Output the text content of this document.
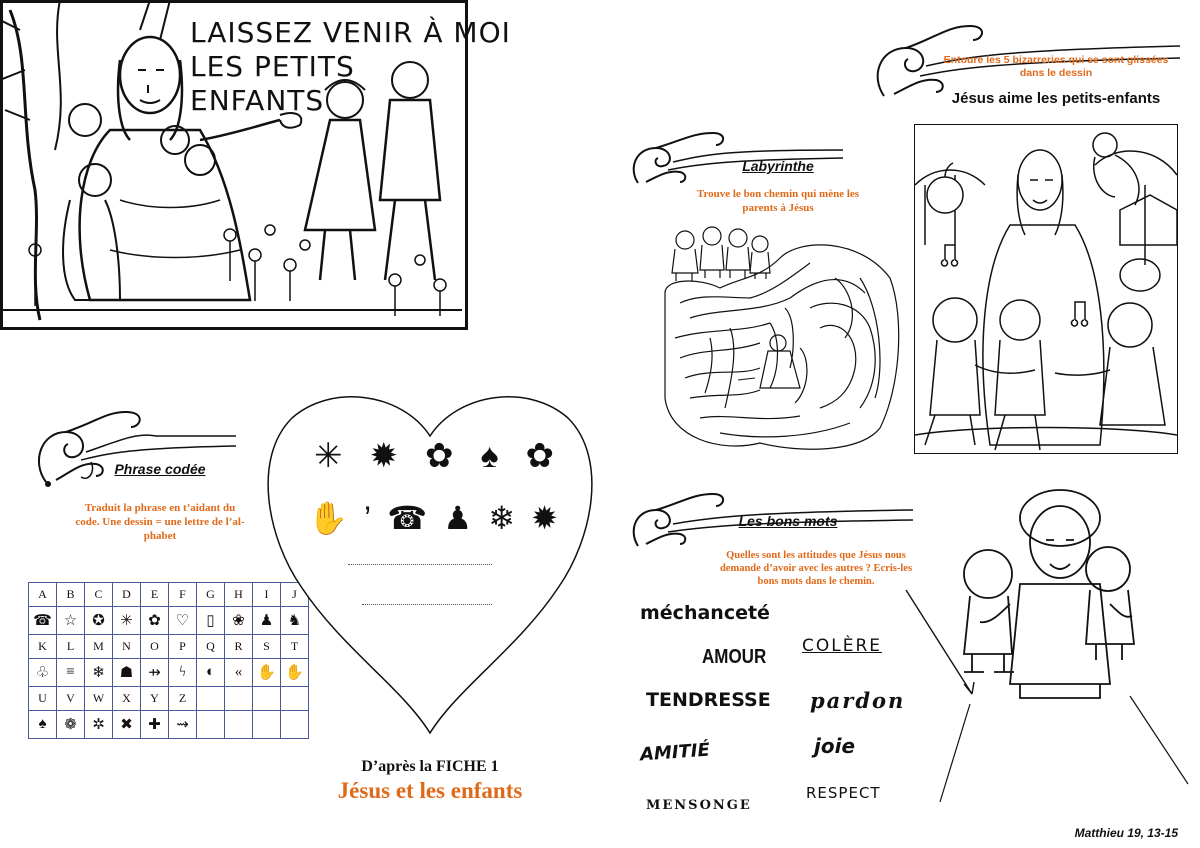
LAISSEZ VENIR À MOI
LES PETITS
ENFANTS
Matthieu 19, 13-15
Phrase codée
Traduit la phrase en t’aidant du
code. Une dessin = une lettre de l’al-
phabet
A	B	C	D	E	F	G	H	I	J
☎	☆	✪	✳	✿	♡	▯	❀	♟	♞
K	L	M	N	O	P	Q	R	S	T
♧	≡	❄	☗	⇸	ϟ	◐	«	✋	✋
U	V	W	X	Y	Z				
♠	❁	✲	✖	✚	⇝				
✳ ✹ ✿ ♠ ✿
✋ ’ ☎ ♟ ❄ ✹
D’après la FICHE 1
Jésus et les enfants
Labyrinthe
Trouve le bon chemin qui mène les
parents à Jésus
Entoure les 5 bizarreries qui se sont glissées
dans le dessin
Jésus aime les petits-enfants
Les bons mots
Quelles sont les attitudes que Jésus nous
demande d’avoir avec les autres ? Ecris-les
bons mots dans le chemin.
méchanceté
AMOUR COLÈRE
TENDRESSE pardon
AMITIÉ	joie
MENSONGE
RESPECT
